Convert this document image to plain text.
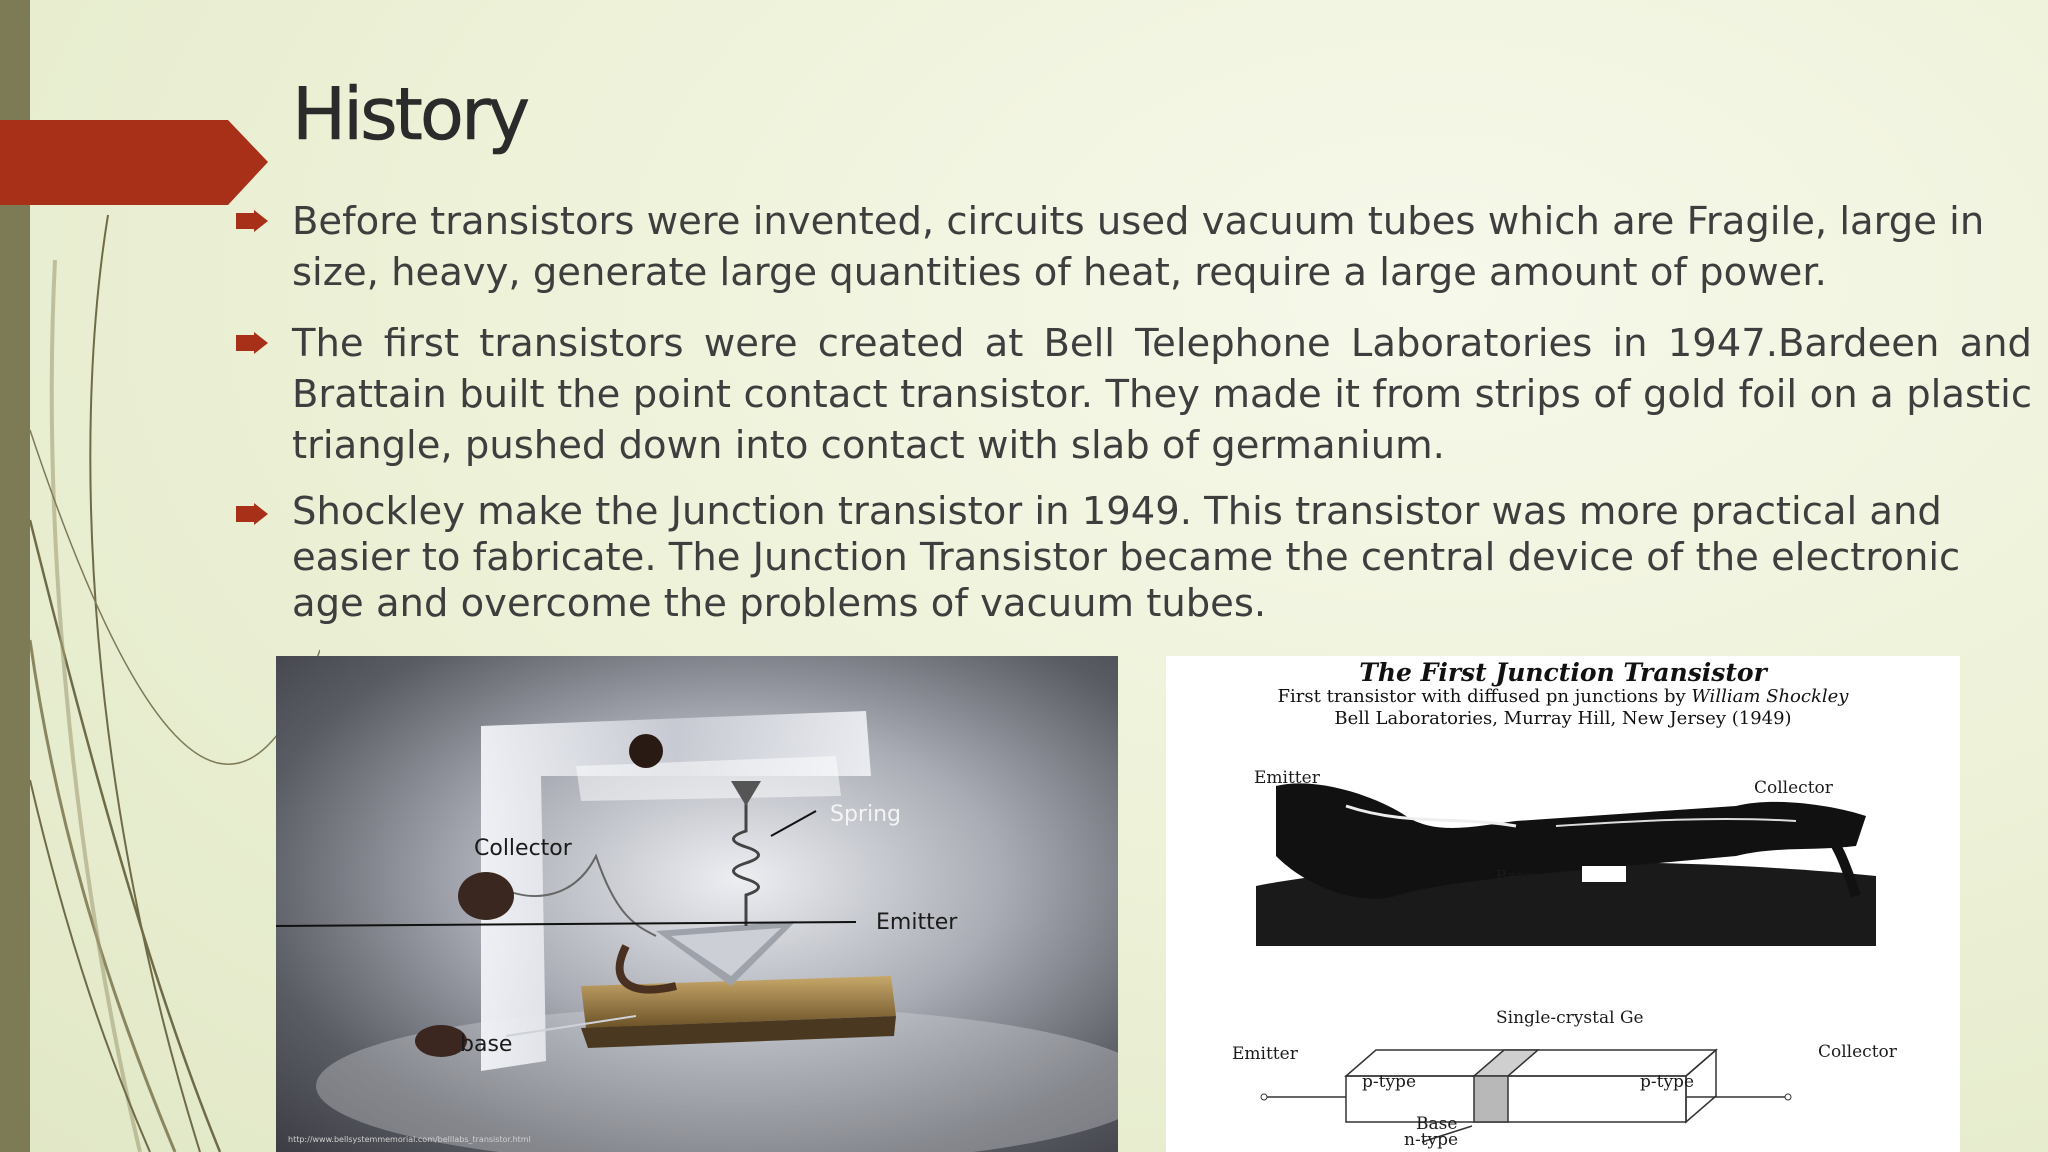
History
Before transistors were invented, circuits used vacuum tubes which are Fragile, large in size, heavy, generate large quantities of heat, require a large amount of power.
The first transistors were created at Bell Telephone Laboratories in 1947.Bardeen and Brattain built the point contact transistor. They made it from strips of gold foil on a plastic triangle, pushed down into contact with slab of germanium.
Shockley make the Junction transistor in 1949. This transistor was more practical and easier to fabricate. The Junction Transistor became the central device of the electronic age and overcome the problems of vacuum tubes.
Spring
Collector
Emitter
base
http://www.bellsystemmemorial.com/belllabs_transistor.html
The First Junction Transistor
First transistor with diffused pn junctions by William Shockley
Bell Laboratories, Murray Hill, New Jersey (1949)
Emitter	Collector
Base
Single-crystal Ge
Emitter	Collector
p-type	p-type
Base
n-type
